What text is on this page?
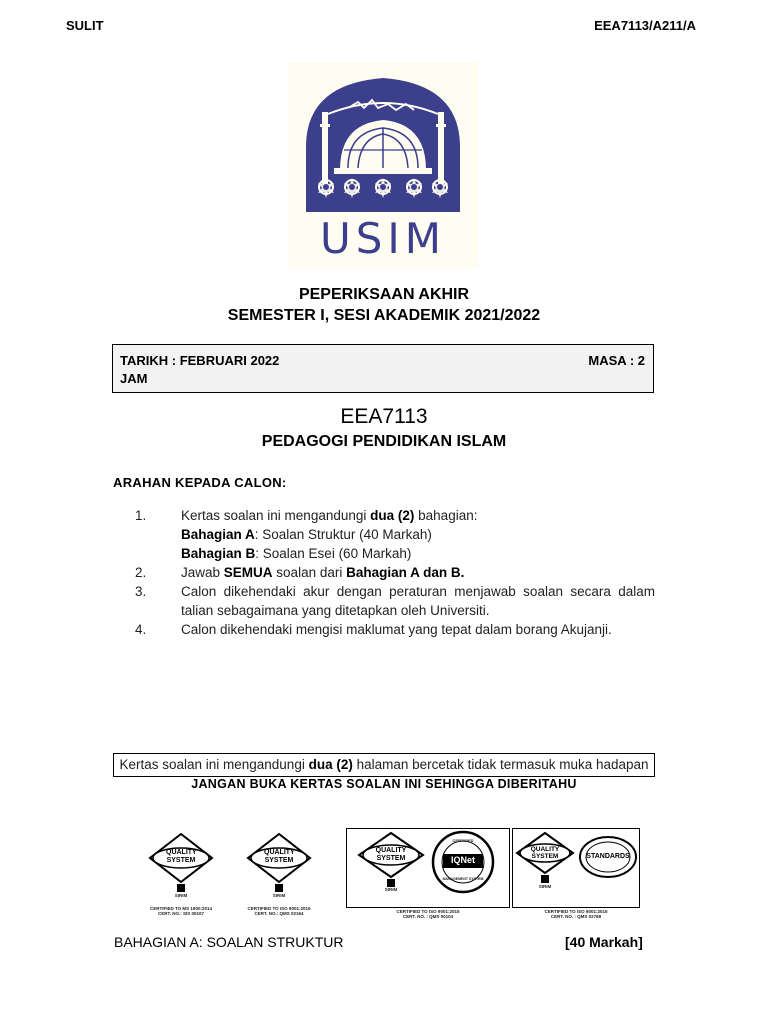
SULIT	EEA7113/A211/A
USIM
PEPERIKSAAN AKHIR
SEMESTER I, SESI AKADEMIK 2021/2022
TARIKH : FEBRUARI 2022	MASA : 2
JAM
EEA7113
PEDAGOGI PENDIDIKAN ISLAM
ARAHAN KEPADA CALON:
1.	Kertas soalan ini mengandungi dua (2) bahagian:
Bahagian A: Soalan Struktur (40 Markah)
Bahagian B: Soalan Esei (60 Markah)
2.	Jawab SEMUA soalan dari Bahagian A dan B.
3.	Calon dikehendaki akur dengan peraturan menjawab soalan secara dalam talian sebagaimana yang ditetapkan oleh Universiti.
4.	Calon dikehendaki mengisi maklumat yang tepat dalam borang Akujanji.
Kertas soalan ini mengandungi dua (2) halaman bercetak tidak termasuk muka hadapan
JANGAN BUKA KERTAS SOALAN INI SEHINGGA DIBERITAHU
QUALITY SYSTEM
SIRIM
CERTIFIED TO MS 1900:2014
CERT. NO.: SIS 00107
QUALITY SYSTEM
SIRIM
CERTIFIED TO ISO 9001:2015
CERT. NO.: QMS 02164
QUALITY SYSTEM
SIRIM
IQNet
CERTIFIED
MANAGEMENT SYSTEM
CERTIFIED TO ISO 9001:2015
CERT. NO. : QMS 00104
QUALITY SYSTEM
SIRIM
STANDARDS
CERTIFIED TO ISO 9001:2015
CERT. NO. : QMS 02769
BAHAGIAN A: SOALAN STRUKTUR	[40 Markah]
